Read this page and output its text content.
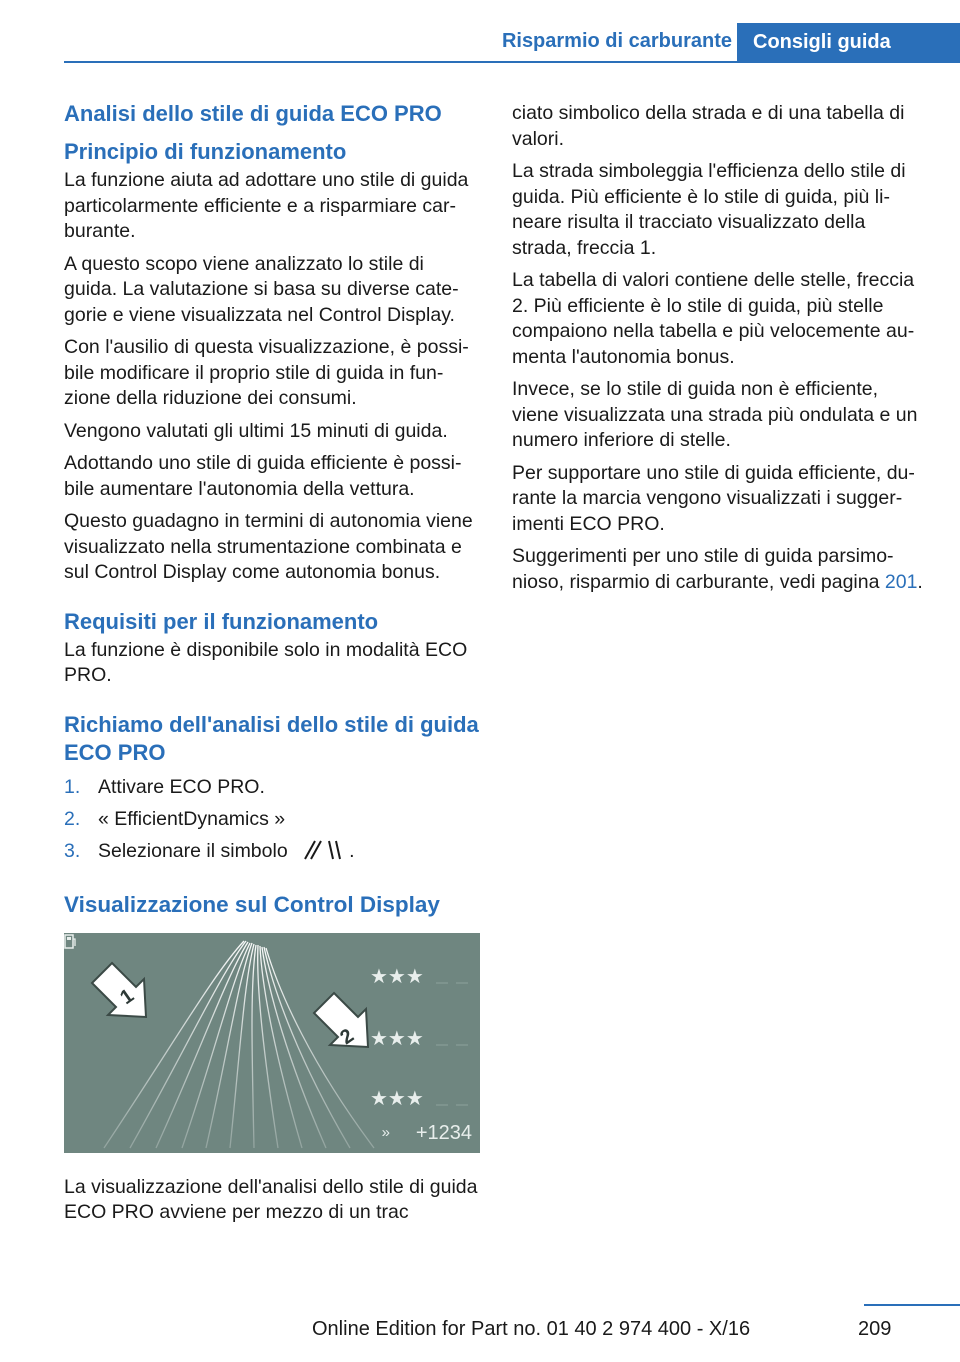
Risparmio di carburante	Consigli guida
Analisi dello stile di guida ECO PRO
Principio di funzionamento

La funzione aiuta ad adottare uno stile di guida particolarmente efficiente e a risparmiare carburante.

A questo scopo viene analizzato lo stile di guida. La valutazione si basa su diverse categorie e viene visualizzata nel Control Display.

Con l'ausilio di questa visualizzazione, è possibile modificare il proprio stile di guida in funzione della riduzione dei consumi.

Vengono valutati gli ultimi 15 minuti di guida.

Adottando uno stile di guida efficiente è possibile aumentare l'autonomia della vettura.

Questo guadagno in termini di autonomia viene visualizzato nella strumentazione combinata e sul Control Display come autonomia bonus.

Requisiti per il funzionamento

La funzione è disponibile solo in modalità ECO PRO.

Richiamo dell'analisi dello stile di guida ECO PRO
1. Attivare ECO PRO.
2. « EfficientDynamics »
3. Selezionare il simbolo	.
Visualizzazione sul Control Display
1
2
★★★
★★★
★★★
» +1234

La visualizzazione dell'analisi dello stile di guida ECO PRO avviene per mezzo di un trac

ciato simbolico della strada e di una tabella di valori.

La strada simboleggia l'efficienza dello stile di guida. Più efficiente è lo stile di guida, più lineare risulta il tracciato visualizzato della strada, freccia 1.

La tabella di valori contiene delle stelle, freccia 2. Più efficiente è lo stile di guida, più stelle compaiono nella tabella e più velocemente aumenta l'autonomia bonus.

Invece, se lo stile di guida non è efficiente, viene visualizzata una strada più ondulata e un numero inferiore di stelle.

Per supportare uno stile di guida efficiente, durante la marcia vengono visualizzati i suggerimenti ECO PRO.

Suggerimenti per uno stile di guida parsimonioso, risparmio di carburante, vedi pagina 201.

209
Online Edition for Part no. 01 40 2 974 400 - X/16
